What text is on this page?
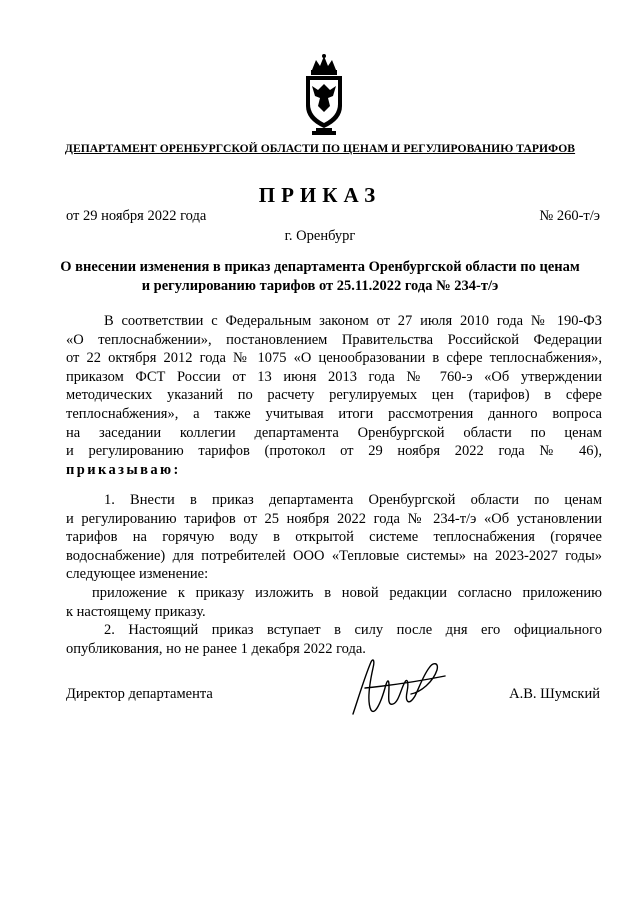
ДЕПАРТАМЕНТ ОРЕНБУРГСКОЙ ОБЛАСТИ ПО ЦЕНАМ И РЕГУЛИРОВАНИЮ ТАРИФОВ
ПРИКАЗ
от 29 ноября 2022 года	№ 260-т/э
г. Оренбург
О внесении изменения в приказ департамента Оренбургской области по ценам
и регулированию тарифов от 25.11.2022 года № 234-т/э
В соответствии с Федеральным законом от 27 июля 2010 года № 190-ФЗ
«О теплоснабжении», постановлением Правительства Российской Федерации
от 22 октября 2012 года № 1075 «О ценообразовании в сфере теплоснабжения»,
приказом ФСТ России от 13 июня 2013 года № 760-э «Об утверждении
методических указаний по расчету регулируемых цен (тарифов) в сфере
теплоснабжения», а также учитывая итоги рассмотрения данного вопроса
на заседании коллегии департамента Оренбургской области по ценам
и регулированию тарифов (протокол от 29 ноября 2022 года № 46),
приказываю:
1. Внести в приказ департамента Оренбургской области по ценам
и регулированию тарифов от 25 ноября 2022 года № 234-т/э «Об установлении
тарифов на горячую воду в открытой системе теплоснабжения (горячее
водоснабжение) для потребителей ООО «Тепловые системы» на 2023-2027 годы»
следующее изменение:
приложение к приказу изложить в новой редакции согласно приложению
к настоящему приказу.
2. Настоящий приказ вступает в силу после дня его официального
опубликования, но не ранее 1 декабря 2022 года.
Директор департамента	А.В. Шумский
